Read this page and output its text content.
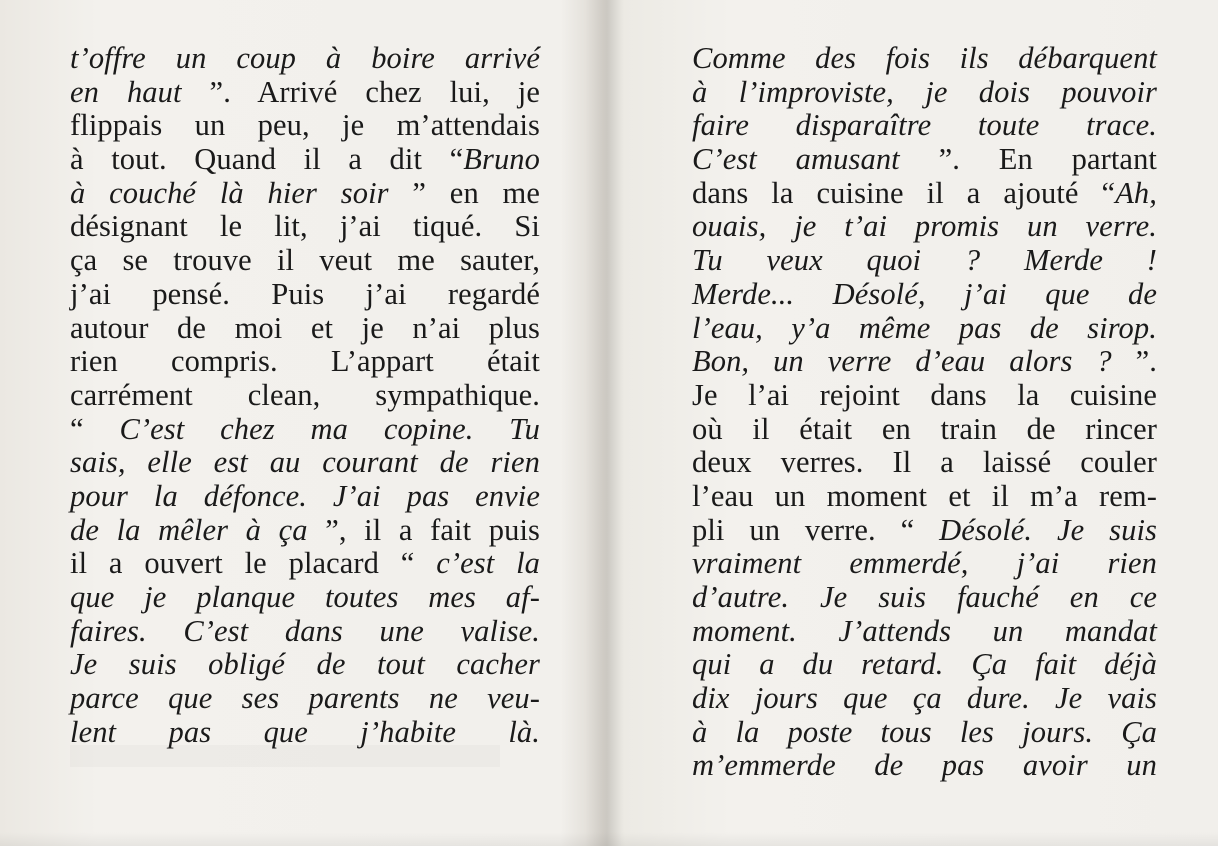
t’offre un coup à boire arrivé
en haut ”. Arrivé chez lui, je
flippais un peu, je m’attendais
à tout. Quand il a dit “Bruno
à couché là hier soir ” en me
désignant le lit, j’ai tiqué. Si
ça se trouve il veut me sauter,
j’ai pensé. Puis j’ai regardé
autour de moi et je n’ai plus
rien compris. L’appart était
carrément clean, sympathique.
“ C’est chez ma copine. Tu
sais, elle est au courant de rien
pour la défonce. J’ai pas envie
de la mêler à ça ”, il a fait puis
il a ouvert le placard “ c’est la
que je planque toutes mes af-
faires. C’est dans une valise.
Je suis obligé de tout cacher
parce que ses parents ne veu-
lent pas que j’habite là.
Comme des fois ils débarquent
à l’improviste, je dois pouvoir
faire disparaître toute trace.
C’est amusant ”. En partant
dans la cuisine il a ajouté “Ah,
ouais, je t’ai promis un verre.
Tu veux quoi ? Merde !
Merde... Désolé, j’ai que de
l’eau, y’a même pas de sirop.
Bon, un verre d’eau alors ? ”.
Je l’ai rejoint dans la cuisine
où il était en train de rincer
deux verres. Il a laissé couler
l’eau un moment et il m’a rem-
pli un verre. “ Désolé. Je suis
vraiment emmerdé, j’ai rien
d’autre. Je suis fauché en ce
moment. J’attends un mandat
qui a du retard. Ça fait déjà
dix jours que ça dure. Je vais
à la poste tous les jours. Ça
m’emmerde de pas avoir un
